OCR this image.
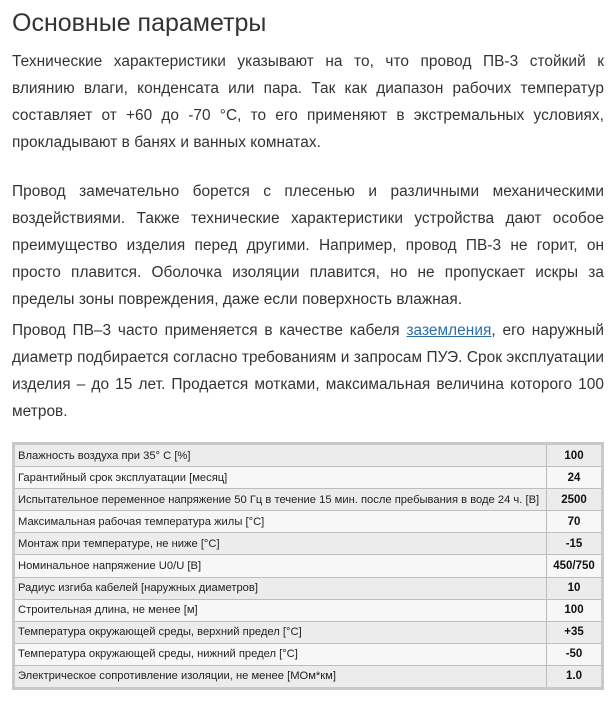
Основные параметры

Технические характеристики указывают на то, что провод ПВ-3 стойкий к влиянию влаги, конденсата или пара. Так как диапазон рабочих температур составляет от +60 до -70 °С, то его применяют в экстремальных условиях, прокладывают в банях и ванных комнатах.

Провод замечательно борется с плесенью и различными механическими воздействиями. Также технические характеристики устройства дают особое преимущество изделия перед другими. Например, провод ПВ-3 не горит, он просто плавится. Оболочка изоляции плавится, но не пропускает искры за пределы зоны повреждения, даже если поверхность влажная.

Провод ПВ–3 часто применяется в качестве кабеля заземления, его наружный диаметр подбирается согласно требованиям и запросам ПУЭ. Срок эксплуатации изделия – до 15 лет. Продается мотками, максимальная величина которого 100 метров.

Влажность воздуха при 35° С [%]	100
Гарантийный срок эксплуатации [месяц]	24
Испытательное переменное напряжение 50 Гц в течение 15 мин. после пребывания в воде 24 ч. [В]	2500
Максимальная рабочая температура жилы [°С]	70
Монтаж при температуре, не ниже [°С]	-15
Номинальное напряжение U0/U [В]	450/750
Радиус изгиба кабелей [наружных диаметров]	10
Строительная длина, не менее [м]	100
Температура окружающей среды, верхний предел [°С]	+35
Температура окружающей среды, нижний предел [°С]	-50
Электрическое сопротивление изоляции, не менее [МОм*км]	1.0
